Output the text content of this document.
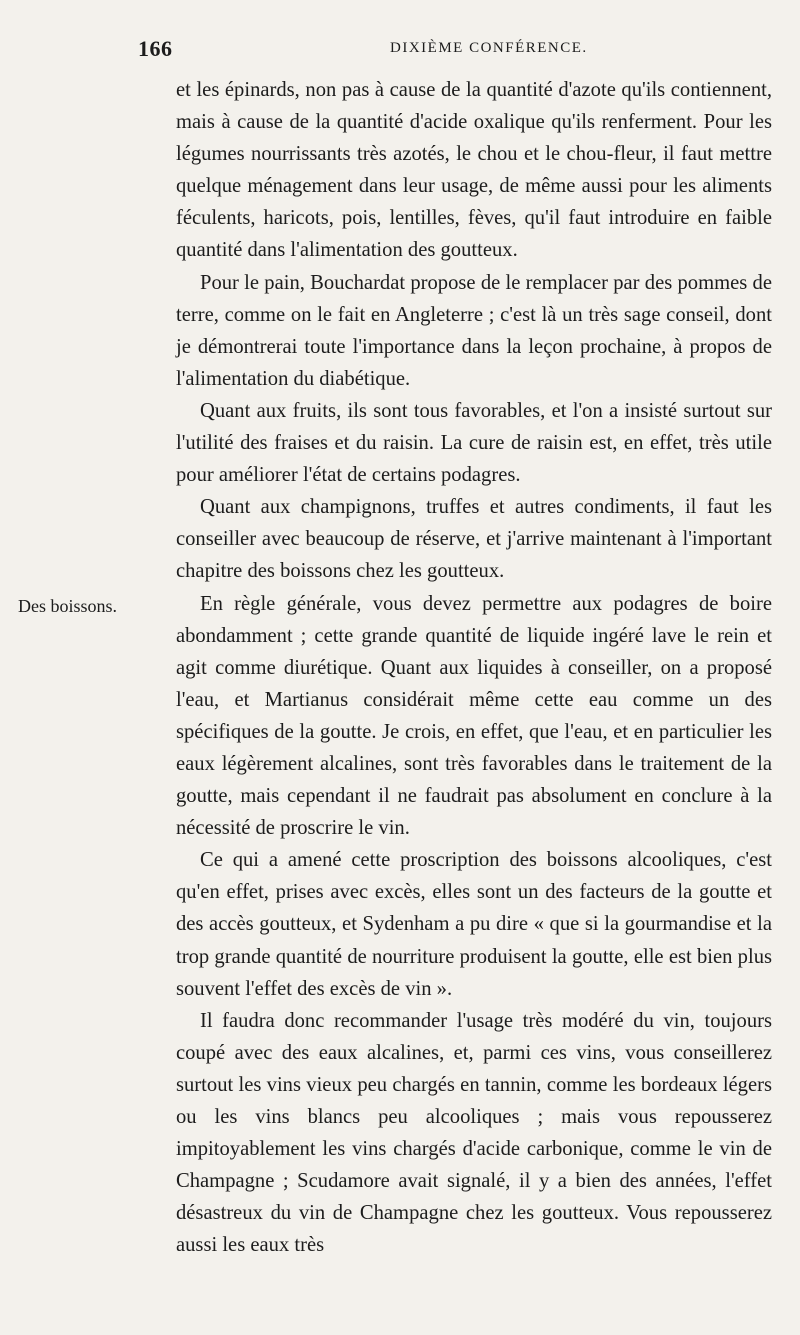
166	DIXIÈME CONFÉRENCE.
Des boissons.

et les épinards, non pas à cause de la quantité d'azote qu'ils contiennent, mais à cause de la quantité d'acide oxalique qu'ils renferment. Pour les légumes nourrissants très azotés, le chou et le chou-fleur, il faut mettre quelque ménagement dans leur usage, de même aussi pour les aliments féculents, haricots, pois, lentilles, fèves, qu'il faut introduire en faible quantité dans l'alimentation des goutteux.

Pour le pain, Bouchardat propose de le remplacer par des pommes de terre, comme on le fait en Angleterre ; c'est là un très sage conseil, dont je démontrerai toute l'importance dans la leçon prochaine, à propos de l'alimentation du diabétique.

Quant aux fruits, ils sont tous favorables, et l'on a insisté surtout sur l'utilité des fraises et du raisin. La cure de raisin est, en effet, très utile pour améliorer l'état de certains podagres.

Quant aux champignons, truffes et autres condiments, il faut les conseiller avec beaucoup de réserve, et j'arrive maintenant à l'important chapitre des boissons chez les goutteux.

En règle générale, vous devez permettre aux podagres de boire abondamment ; cette grande quantité de liquide ingéré lave le rein et agit comme diurétique. Quant aux liquides à conseiller, on a proposé l'eau, et Martianus considérait même cette eau comme un des spécifiques de la goutte. Je crois, en effet, que l'eau, et en particulier les eaux légèrement alcalines, sont très favorables dans le traitement de la goutte, mais cependant il ne faudrait pas absolument en conclure à la nécessité de proscrire le vin.

Ce qui a amené cette proscription des boissons alcooliques, c'est qu'en effet, prises avec excès, elles sont un des facteurs de la goutte et des accès goutteux, et Sydenham a pu dire « que si la gourmandise et la trop grande quantité de nourriture produisent la goutte, elle est bien plus souvent l'effet des excès de vin ».

Il faudra donc recommander l'usage très modéré du vin, toujours coupé avec des eaux alcalines, et, parmi ces vins, vous conseillerez surtout les vins vieux peu chargés en tannin, comme les bordeaux légers ou les vins blancs peu alcooliques ; mais vous repousserez impitoyablement les vins chargés d'acide carbonique, comme le vin de Champagne ; Scudamore avait signalé, il y a bien des années, l'effet désastreux du vin de Champagne chez les goutteux. Vous repousserez aussi les eaux très
